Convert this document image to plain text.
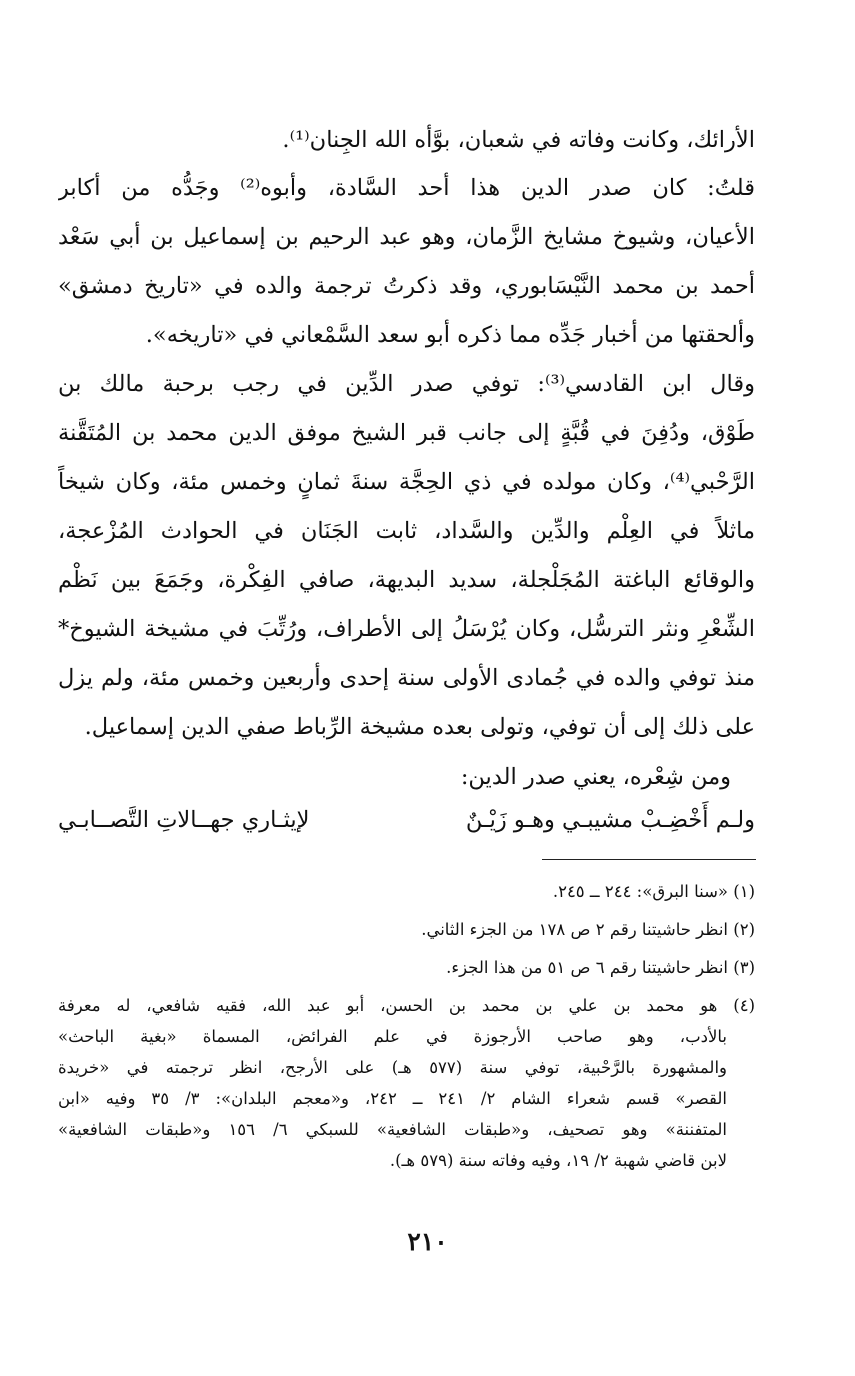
الأرائك، وكانت وفاته في شعبان، بوَّأه الله الجِنان⁽¹⁾.
قلتُ: كان صدر الدين هذا أحد السَّادة، وأبوه⁽²⁾ وجَدُّه من أكابر
الأعيان، وشيوخ مشايخ الزَّمان، وهو عبد الرحيم بن إسماعيل بن أبي سَعْد
أحمد بن محمد النَّيْسَابوري، وقد ذكرتُ ترجمة والده في «تاريخ دمشق»
وألحقتها من أخبار جَدِّه مما ذكره أبو سعد السَّمْعاني في «تاريخه».
وقال ابن القادسي⁽³⁾: توفي صدر الدِّين في رجب برحبة مالك بن
طَوْق، ودُفِنَ في قُبَّةٍ إلى جانب قبر الشيخ موفق الدين محمد بن المُتَقَّنة
الرَّحْبي⁽⁴⁾، وكان مولده في ذي الحِجَّة سنةَ ثمانٍ وخمس مئة، وكان شيخاً
ماثلاً في العِلْم والدِّين والسَّداد، ثابت الجَنَان في الحوادث المُزْعجة،
والوقائع الباغتة المُجَلْجلة، سديد البديهة، صافي الفِكْرة، وجَمَعَ بين نَظْم
الشِّعْرِ ونثر الترسُّل، وكان يُرْسَلُ إلى الأطراف، ورُتِّبَ في مشيخة الشيوخ*
منذ توفي والده في جُمادى الأولى سنة إحدى وأربعين وخمس مئة، ولم يزل
على ذلك إلى أن توفي، وتولى بعده مشيخة الرِّباط صفي الدين إسماعيل.
ومن شِعْره، يعني صدر الدين:
ولـم أَخْضِـبْ مشيبـي وهـو زَيْـنٌ
لإيثـاري جهــالاتِ التَّصــابـي
(١) «سنا البرق»: ٢٤٤ ــ ٢٤٥.
(٢) انظر حاشيتنا رقم ٢ ص ١٧٨ من الجزء الثاني.
(٣) انظر حاشيتنا رقم ٦ ص ٥١ من هذا الجزء.
(٤) هو محمد بن علي بن محمد بن الحسن، أبو عبد الله، فقيه شافعي، له معرفة
بالأدب، وهو صاحب الأرجوزة في علم الفرائض، المسماة «بغية الباحث»
والمشهورة بالرَّحْبية، توفي سنة (٥٧٧ هـ) على الأرجح، انظر ترجمته في «خريدة
القصر» قسم شعراء الشام ٢/ ٢٤١ ــ ٢٤٢، و«معجم البلدان»: ٣/ ٣٥ وفيه «ابن
المتفننة» وهو تصحيف، و«طبقات الشافعية» للسبكي ٦/ ١٥٦ و«طبقات الشافعية»
لابن قاضي شهبة ٢/ ١٩، وفيه وفاته سنة (٥٧٩ هـ).
٢١٠
